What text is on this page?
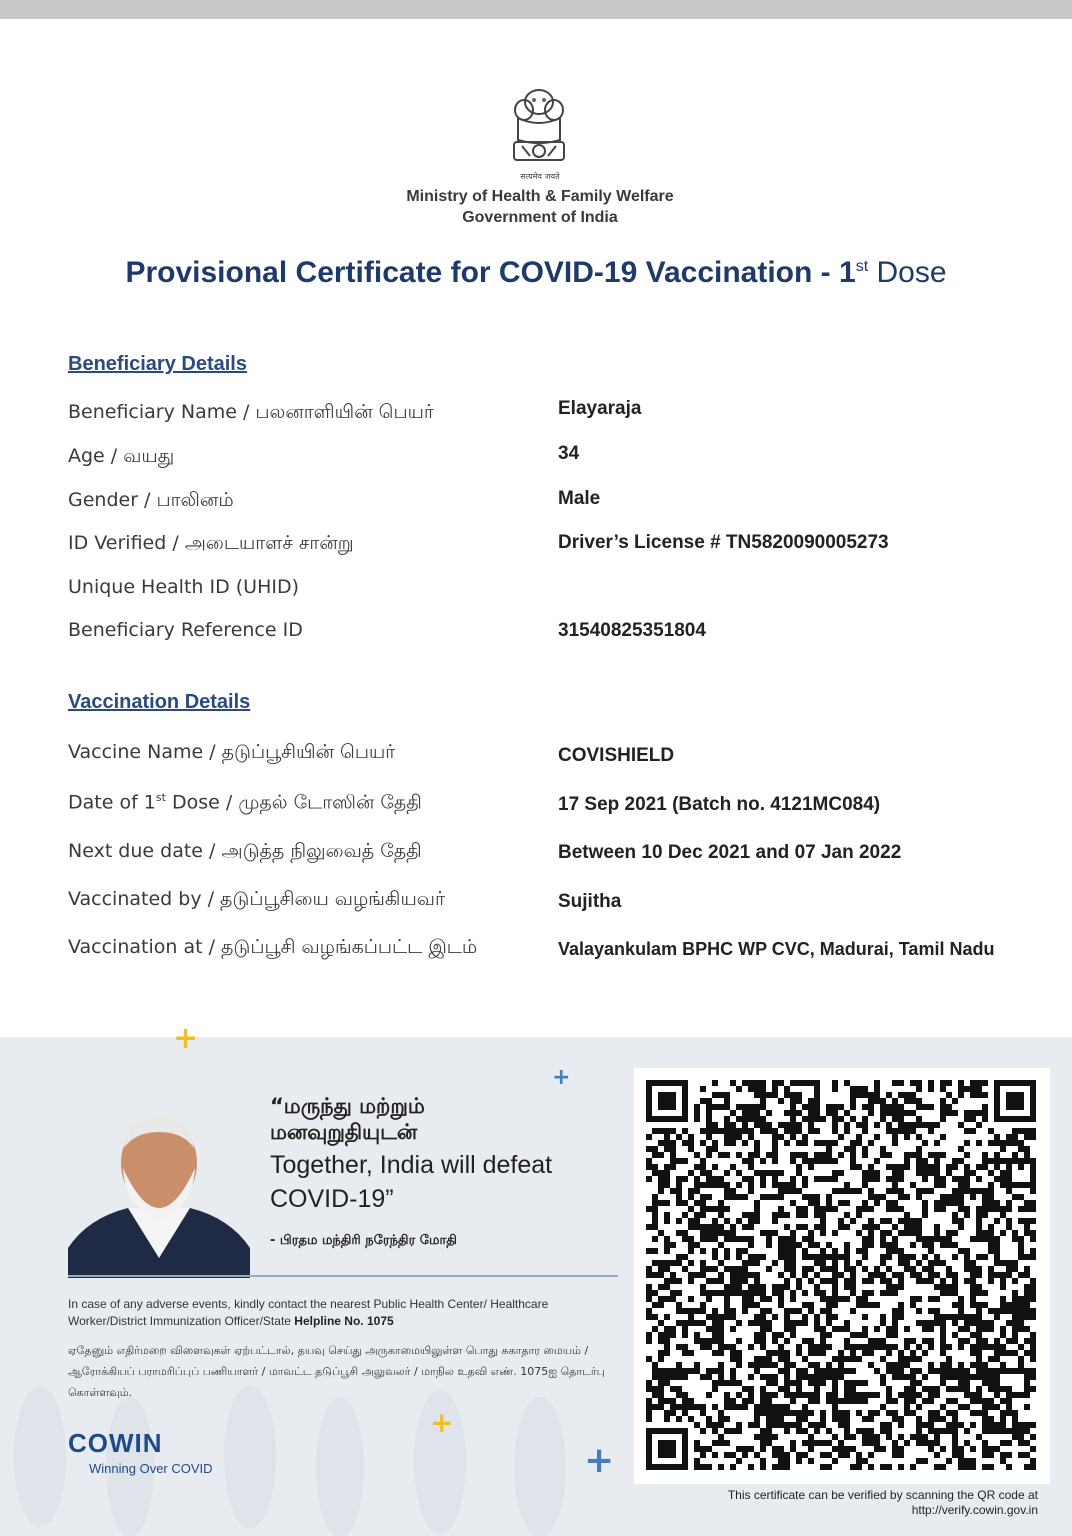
सत्यमेव जयते
Ministry of Health & Family Welfare
Government of India
Provisional Certificate for COVID-19 Vaccination - 1st Dose
Beneficiary Details
Beneficiary Name / பலனாளியின் பெயர்	Elayaraja
Age / வயது	34
Gender / பாலினம்	Male
ID Verified / அடையாளச் சான்று	Driver’s License # TN5820090005273
Unique Health ID (UHID)
Beneficiary Reference ID	31540825351804
Vaccination Details
Vaccine Name / தடுப்பூசியின் பெயர்	COVISHIELD
Date of 1st Dose / முதல் டோஸின் தேதி	17 Sep 2021 (Batch no. 4121MC084)
Next due date / அடுத்த நிலுவைத் தேதி	Between 10 Dec 2021 and 07 Jan 2022
Vaccinated by / தடுப்பூசியை வழங்கியவர்	Sujitha
Vaccination at / தடுப்பூசி வழங்கப்பட்ட இடம்	Valayankulam BPHC WP CVC, Madurai, Tamil Nadu
+
+
+
+
“மருந்து மற்றும்
மனவுறுதியுடன்
Together, India will defeat COVID-19”
- பிரதம மந்திரி நரேந்திர மோதி
In case of any adverse events, kindly contact the nearest Public Health Center/ Healthcare Worker/District Immunization Officer/State Helpline No. 1075
ஏதேனும் எதிர்மறை விளைவுகள் ஏற்பட்டால், தயவு செய்து அருகாமையிலுள்ள பொது சுகாதார மையம் / ஆரோக்கியப் பராமரிப்புப் பணியாளர் / மாவட்ட தடுப்பூசி அலுவலர் / மாநில உதவி எண். 1075ஐ தொடர்பு கொள்ளவும்.
COWIN
Winning Over COVID
This certificate can be verified by scanning the QR code at
http://verify.cowin.gov.in
